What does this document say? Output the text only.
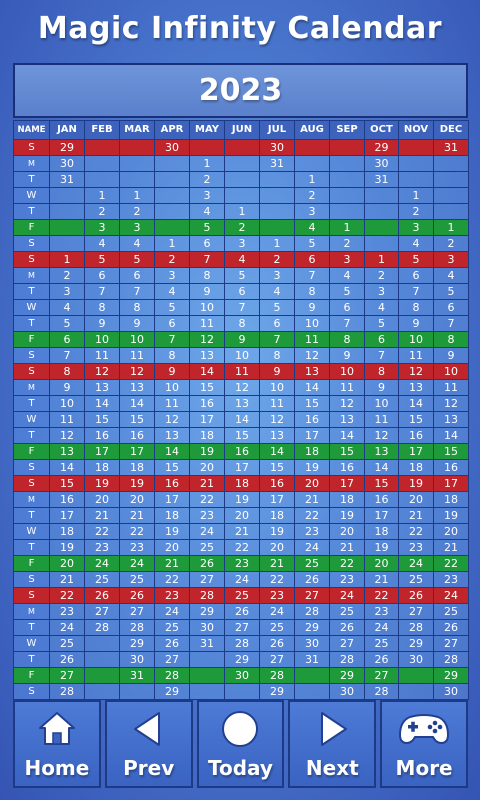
Magic Infinity Calendar
2023
NAME	JAN	FEB	MAR	APR	MAY	JUN	JUL	AUG	SEP	OCT	NOV	DEC
S	29			30			30			29		31
M	30				1		31			30		
T	31				2			1		31		
W		1	1		3			2			1	
T		2	2		4	1		3			2	
F		3	3		5	2		4	1		3	1
S		4	4	1	6	3	1	5	2		4	2
S	1	5	5	2	7	4	2	6	3	1	5	3
M	2	6	6	3	8	5	3	7	4	2	6	4
T	3	7	7	4	9	6	4	8	5	3	7	5
W	4	8	8	5	10	7	5	9	6	4	8	6
T	5	9	9	6	11	8	6	10	7	5	9	7
F	6	10	10	7	12	9	7	11	8	6	10	8
S	7	11	11	8	13	10	8	12	9	7	11	9
S	8	12	12	9	14	11	9	13	10	8	12	10
M	9	13	13	10	15	12	10	14	11	9	13	11
T	10	14	14	11	16	13	11	15	12	10	14	12
W	11	15	15	12	17	14	12	16	13	11	15	13
T	12	16	16	13	18	15	13	17	14	12	16	14
F	13	17	17	14	19	16	14	18	15	13	17	15
S	14	18	18	15	20	17	15	19	16	14	18	16
S	15	19	19	16	21	18	16	20	17	15	19	17
M	16	20	20	17	22	19	17	21	18	16	20	18
T	17	21	21	18	23	20	18	22	19	17	21	19
W	18	22	22	19	24	21	19	23	20	18	22	20
T	19	23	23	20	25	22	20	24	21	19	23	21
F	20	24	24	21	26	23	21	25	22	20	24	22
S	21	25	25	22	27	24	22	26	23	21	25	23
S	22	26	26	23	28	25	23	27	24	22	26	24
M	23	27	27	24	29	26	24	28	25	23	27	25
T	24	28	28	25	30	27	25	29	26	24	28	26
W	25		29	26	31	28	26	30	27	25	29	27
T	26		30	27		29	27	31	28	26	30	28
F	27		31	28		30	28		29	27		29
S	28			29			29		30	28		30
Home Prev Today Next More
